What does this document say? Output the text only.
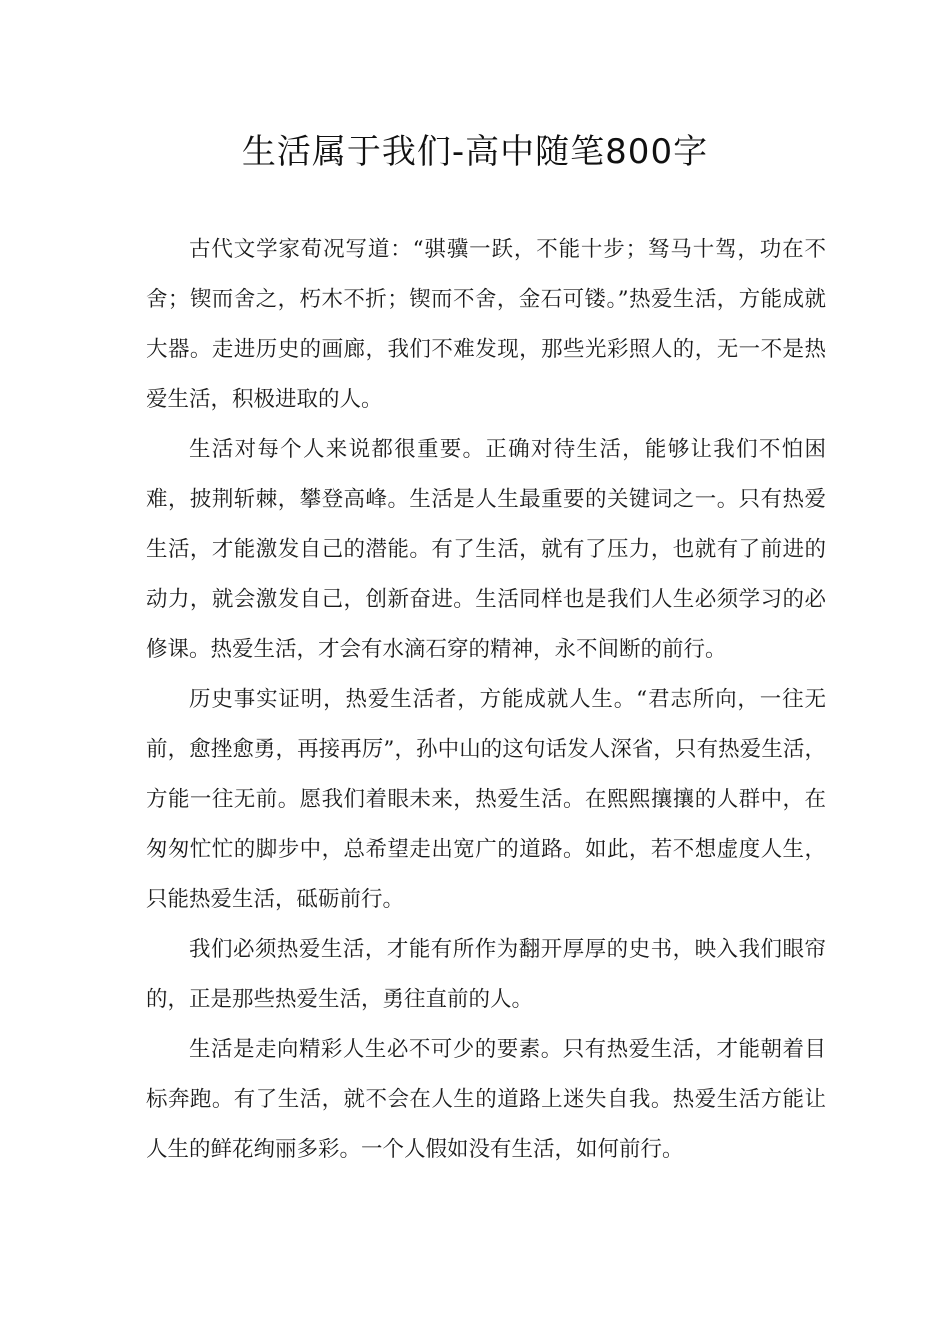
生活属于我们-高中随笔800字

古代文学家荀况写道：“骐骥一跃，不能十步；驽马十驾，功在不舍；锲而舍之，朽木不折；锲而不舍，金石可镂。”热爱生活，方能成就大器。走进历史的画廊，我们不难发现，那些光彩照人的，无一不是热爱生活，积极进取的人。

生活对每个人来说都很重要。正确对待生活，能够让我们不怕困难，披荆斩棘，攀登高峰。生活是人生最重要的关键词之一。只有热爱生活，才能激发自己的潜能。有了生活，就有了压力，也就有了前进的动力，就会激发自己，创新奋进。生活同样也是我们人生必须学习的必修课。热爱生活，才会有水滴石穿的精神，永不间断的前行。

历史事实证明，热爱生活者，方能成就人生。“君志所向，一往无前，愈挫愈勇，再接再厉”，孙中山的这句话发人深省，只有热爱生活，方能一往无前。愿我们着眼未来，热爱生活。在熙熙攘攘的人群中，在匆匆忙忙的脚步中，总希望走出宽广的道路。如此，若不想虚度人生，只能热爱生活，砥砺前行。

我们必须热爱生活，才能有所作为翻开厚厚的史书，映入我们眼帘的，正是那些热爱生活，勇往直前的人。

生活是走向精彩人生必不可少的要素。只有热爱生活，才能朝着目标奔跑。有了生活，就不会在人生的道路上迷失自我。热爱生活方能让人生的鲜花绚丽多彩。一个人假如没有生活，如何前行。
